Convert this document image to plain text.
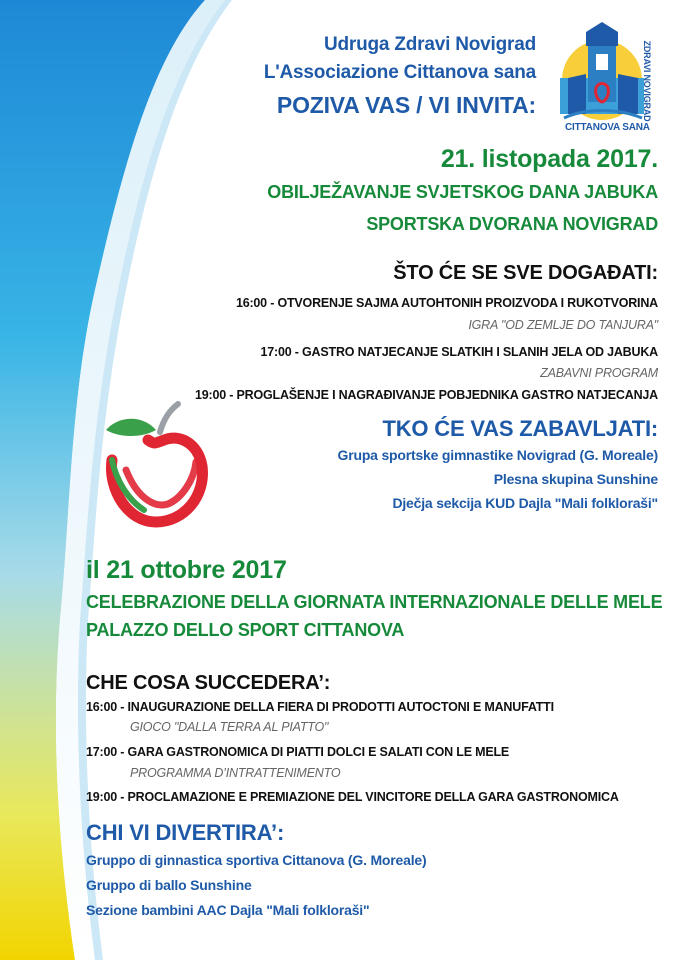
CITTANOVA SANA
ZDRAVI NOVIGRAD
Udruga Zdravi Novigrad
L'Associazione Cittanova sana
POZIVA VAS / VI INVITA:
21. listopada 2017.
OBILJEŽAVANJE SVJETSKOG DANA JABUKA
SPORTSKA DVORANA NOVIGRAD
ŠTO ĆE SE SVE DOGAĐATI:
16:00 - OTVORENJE SAJMA AUTOHTONIH PROIZVODA I RUKOTVORINA
IGRA "OD ZEMLJE DO TANJURA"
17:00 - GASTRO NATJECANJE SLATKIH I SLANIH JELA OD JABUKA
ZABAVNI PROGRAM
19:00 - PROGLAŠENJE I NAGRAĐIVANJE POBJEDNIKA GASTRO NATJECANJA
TKO ĆE VAS ZABAVLJATI:
Grupa sportske gimnastike Novigrad (G. Moreale)
Plesna skupina Sunshine
Dječja sekcija KUD Dajla "Mali folkloraši"
il 21 ottobre 2017
CELEBRAZIONE DELLA GIORNATA INTERNAZIONALE DELLE MELE
PALAZZO DELLO SPORT CITTANOVA
CHE COSA SUCCEDERA’:
16:00 - INAUGURAZIONE DELLA FIERA DI PRODOTTI AUTOCTONI E MANUFATTI
GIOCO "DALLA TERRA AL PIATTO"
17:00 - GARA GASTRONOMICA DI PIATTI DOLCI E SALATI CON LE MELE
PROGRAMMA D’INTRATTENIMENTO
19:00 - PROCLAMAZIONE E PREMIAZIONE DEL VINCITORE DELLA GARA GASTRONOMICA
CHI VI DIVERTIRA’:
Gruppo di ginnastica sportiva Cittanova (G. Moreale)
Gruppo di ballo Sunshine
Sezione bambini AAC Dajla "Mali folkloraši"
